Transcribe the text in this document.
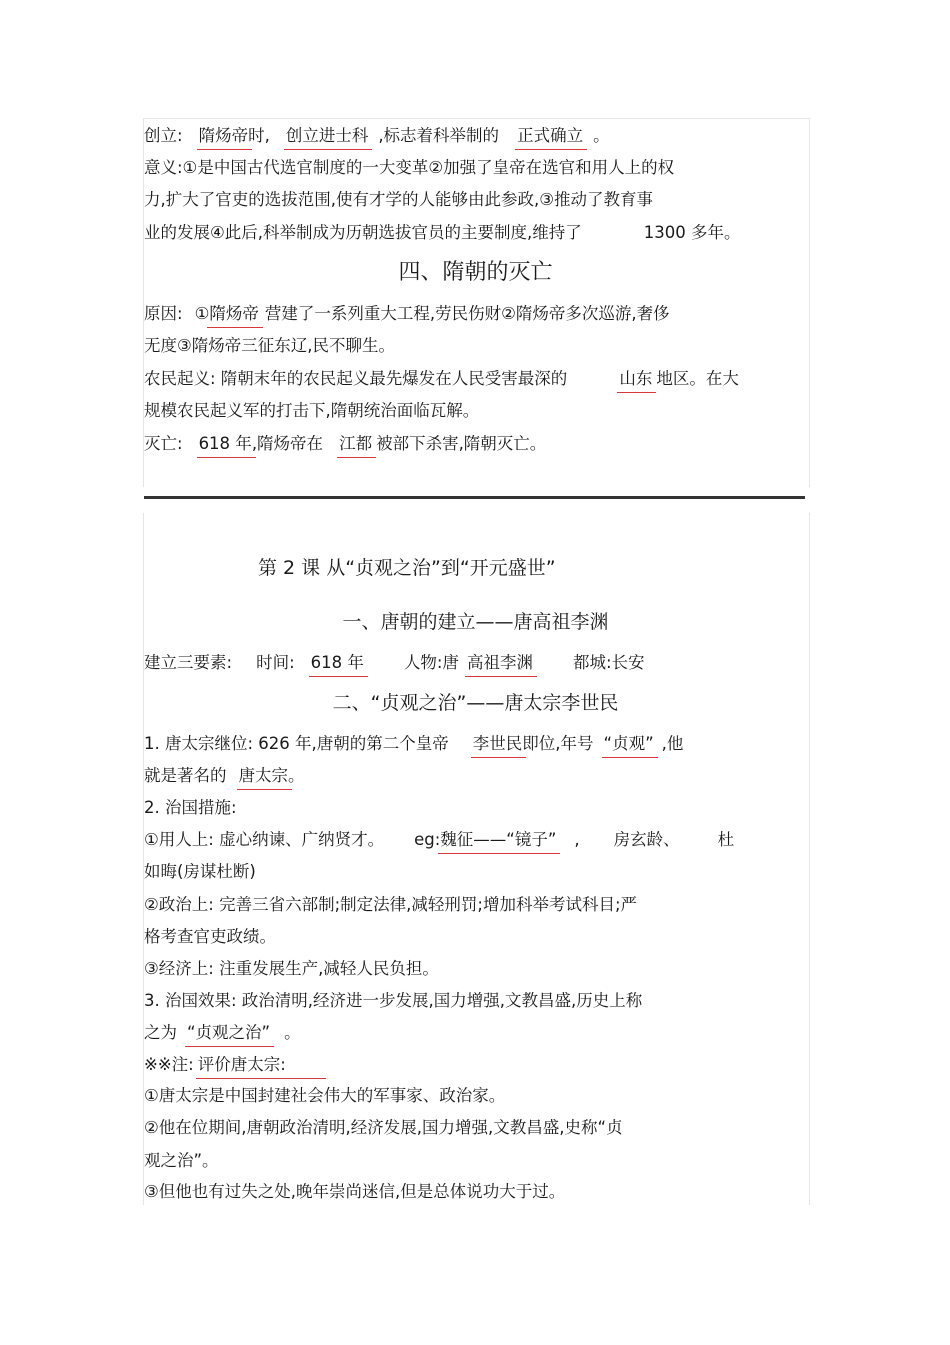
创立: 隋炀帝时, 创立进士科 ,标志着科举制的 正式确立 。
意义:①是中国古代选官制度的一大变革②加强了皇帝在选官和用人上的权
力,扩大了官吏的选拔范围,使有才学的人能够由此参政,③推动了教育事
业的发展④此后,科举制成为历朝选拔官员的主要制度,维持了	1300 多年。
四、隋朝的灭亡
原因: ①隋炀帝 营建了一系列重大工程,劳民伤财②隋炀帝多次巡游,奢侈
无度③隋炀帝三征东辽,民不聊生。
农民起义: 隋朝末年的农民起义最先爆发在人民受害最深的	山东 地区。在大
规模农民起义军的打击下,隋朝统治面临瓦解。
灭亡: 618 年,隋炀帝在 江都 被部下杀害,隋朝灭亡。
第 2 课 从“贞观之治”到“开元盛世”
一、唐朝的建立——唐高祖李渊
建立三要素: 时间: 618 年 人物:唐 高祖李渊 都城:长安
二、“贞观之治”——唐太宗李世民
1. 唐太宗继位: 626 年,唐朝的第二个皇帝 李世民即位,年号 “贞观” ,他
就是著名的 唐太宗。
2. 治国措施:
①用人上: 虚心纳谏、广纳贤才。 eg:魏征——“镜子” , 房玄龄、 杜
如晦(房谋杜断)
②政治上: 完善三省六部制;制定法律,减轻刑罚;增加科举考试科目;严
格考查官吏政绩。
③经济上: 注重发展生产,减轻人民负担。
3. 治国效果: 政治清明,经济进一步发展,国力增强,文教昌盛,历史上称
之为 “贞观之治” 。
※※注: 评价唐太宗:
①唐太宗是中国封建社会伟大的军事家、政治家。
②他在位期间,唐朝政治清明,经济发展,国力增强,文教昌盛,史称“贞
观之治”。
③但他也有过失之处,晚年崇尚迷信,但是总体说功大于过。
